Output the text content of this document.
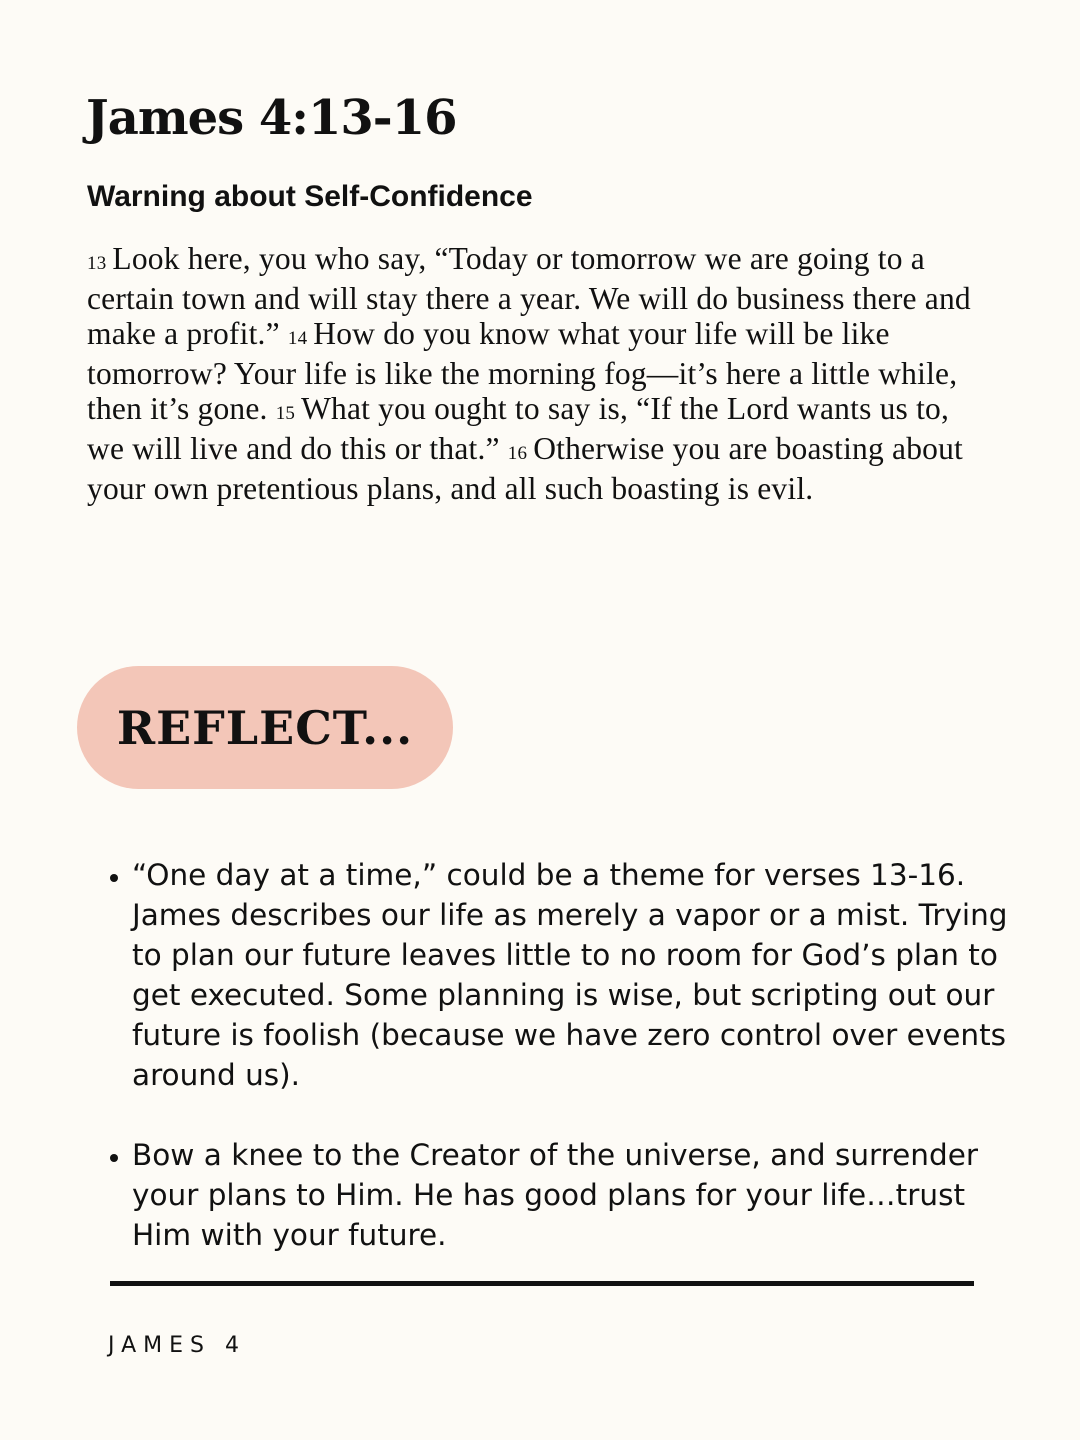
James 4:13-16
Warning about Self-Confidence

13 Look here, you who say, “Today or tomorrow we are going to a certain town and will stay there a year. We will do business there and make a profit.” 14 How do you know what your life will be like tomorrow? Your life is like the morning fog—it’s here a little while, then it’s gone. 15 What you ought to say is, “If the Lord wants us to, we will live and do this or that.” 16 Otherwise you are boasting about your own pretentious plans, and all such boasting is evil.

REFLECT...
• “One day at a time,” could be a theme for verses 13-16. James describes our life as merely a vapor or a mist. Trying to plan our future leaves little to no room for God’s plan to get executed. Some planning is wise, but scripting out our future is foolish (because we have zero control over events around us).
• Bow a knee to the Creator of the universe, and surrender your plans to Him. He has good plans for your life…trust Him with your future.

JAMES 4
